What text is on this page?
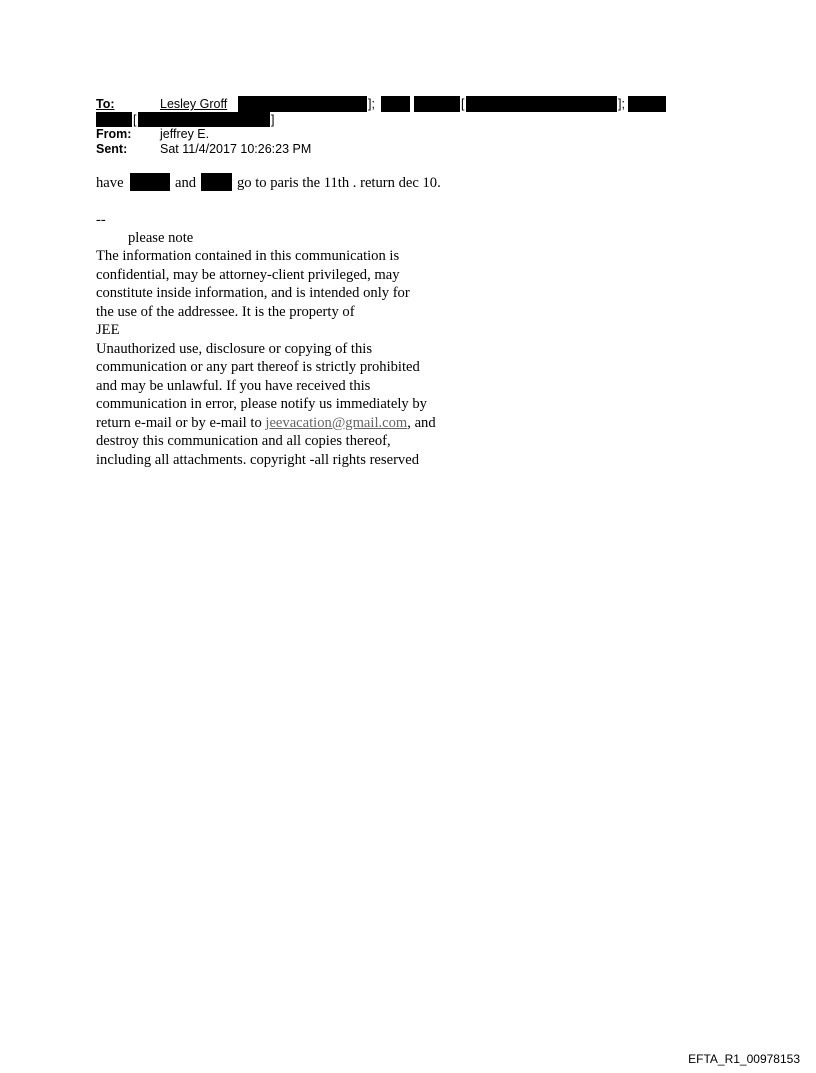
To:	Lesley Groff	];	[	];
[	]
From: jeffrey E.
Sent:	Sat 11/4/2017 10:26:23 PM
have	and	go to paris the 11th . return dec 10.
--
please note
The information contained in this communication is
confidential, may be attorney-client privileged, may
constitute inside information, and is intended only for
the use of the addressee. It is the property of
JEE
Unauthorized use, disclosure or copying of this
communication or any part thereof is strictly prohibited
and may be unlawful. If you have received this
communication in error, please notify us immediately by
return e-mail or by e-mail to jeevacation@gmail.com, and
destroy this communication and all copies thereof,
including all attachments. copyright -all rights reserved
EFTA_R1_00978153
